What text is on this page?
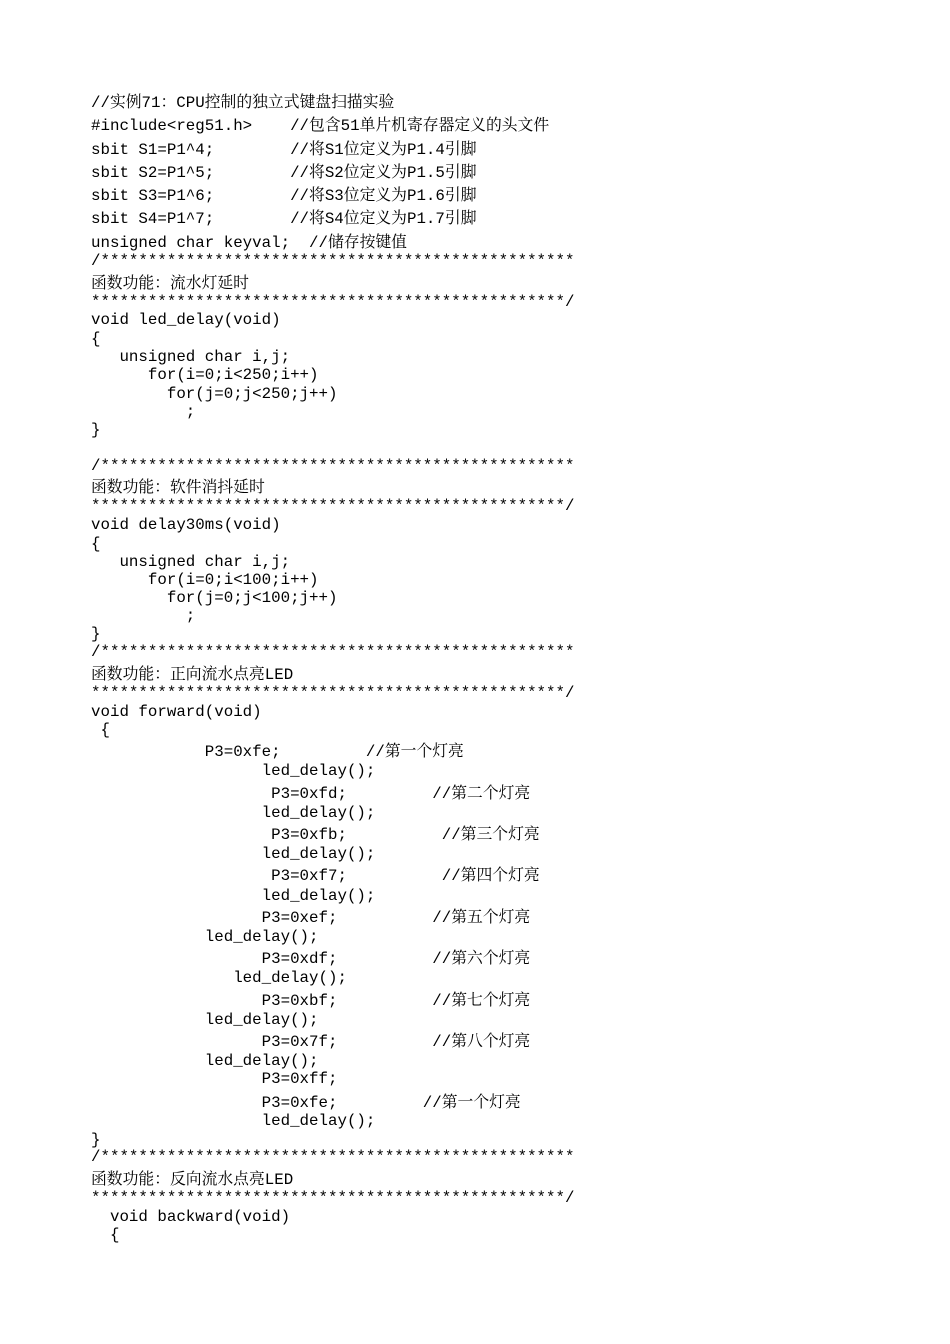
//实例71：CPU控制的独立式键盘扫描实验
#include<reg51.h>    //包含51单片机寄存器定义的头文件
sbit S1=P1^4;        //将S1位定义为P1.4引脚
sbit S2=P1^5;        //将S2位定义为P1.5引脚
sbit S3=P1^6;        //将S3位定义为P1.6引脚
sbit S4=P1^7;        //将S4位定义为P1.7引脚
unsigned char keyval;  //储存按键值
/**************************************************
函数功能：流水灯延时
**************************************************/
void led_delay(void)
{
unsigned char i,j;
for(i=0;i<250;i++)
for(j=0;j<250;j++)
;
}
/**************************************************
函数功能：软件消抖延时
**************************************************/
void delay30ms(void)
{
unsigned char i,j;
for(i=0;i<100;i++)
for(j=0;j<100;j++)
;
}
/**************************************************
函数功能：正向流水点亮LED
**************************************************/
void forward(void)
{
P3=0xfe;         //第一个灯亮
led_delay();
P3=0xfd;         //第二个灯亮
led_delay();
P3=0xfb;          //第三个灯亮
led_delay();
P3=0xf7;          //第四个灯亮
led_delay();
P3=0xef;          //第五个灯亮
led_delay();
P3=0xdf;          //第六个灯亮
led_delay();
P3=0xbf;          //第七个灯亮
led_delay();
P3=0x7f;          //第八个灯亮
led_delay();
P3=0xff;
P3=0xfe;         //第一个灯亮
led_delay();
}
/**************************************************
函数功能：反向流水点亮LED
**************************************************/
void backward(void)
{
